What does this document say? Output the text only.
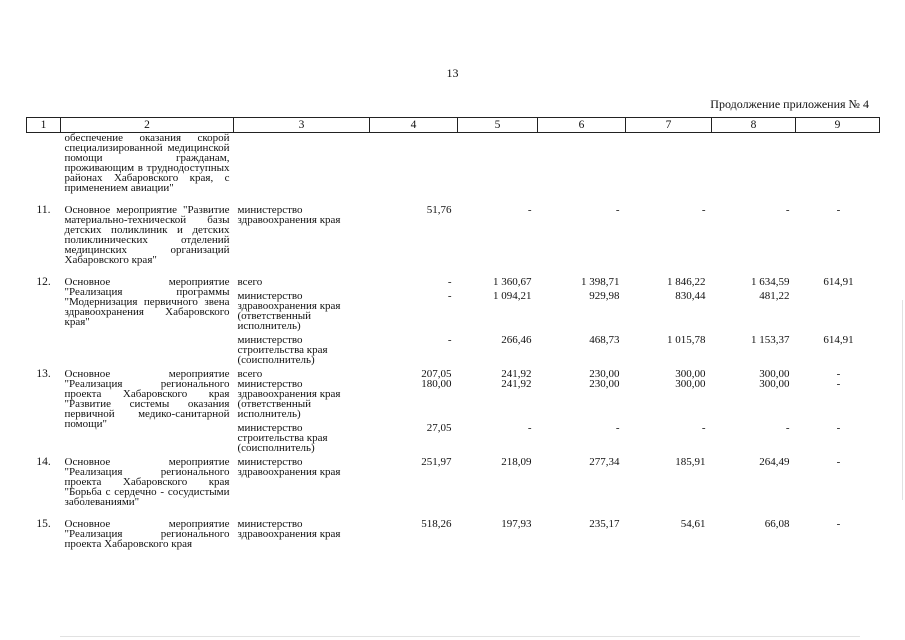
13
Продолжение приложения № 4
1	2	3	4	5	6	7	8	9
	обеспечение оказания скорой специализированной медицинской помощи гражданам, проживающим в труднодоступных районах Хабаровского края, с применением авиации"							
11.	Основное мероприятие "Развитие материально-технической базы детских поликлиник и детских поликлинических отделений медицинских организаций Хабаровского края"	министерство здравоохранения края	51,76	-	-	-	-	-
12.	Основное мероприятие "Реализация программы "Модернизация первичного звена здравоохранения Хабаровского края"	всего	-	1 360,67	1 398,71	1 846,22	1 634,59	614,91
		министерство здравоохранения края (ответственный исполнитель)	-	1 094,21	929,98	830,44	481,22	
		министерство строительства края (соисполнитель)	-	266,46	468,73	1 015,78	1 153,37	614,91
13.	Основное мероприятие "Реализация регионального проекта Хабаровского края "Развитие системы оказания первичной медико-санитарной помощи"	всего	207,05	241,92	230,00	300,00	300,00	-
		министерство здравоохранения края (ответственный исполнитель)	180,00	241,92	230,00	300,00	300,00	-
		министерство строительства края (соисполнитель)	27,05	-	-	-	-	-
14.	Основное мероприятие "Реализация регионального проекта Хабаровского края "Борьба с сердечно - сосудистыми заболеваниями"	министерство здравоохранения края	251,97	218,09	277,34	185,91	264,49	-
15.	Основное мероприятие "Реализация регионального проекта Хабаровского края	министерство здравоохранения края	518,26	197,93	235,17	54,61	66,08	-
